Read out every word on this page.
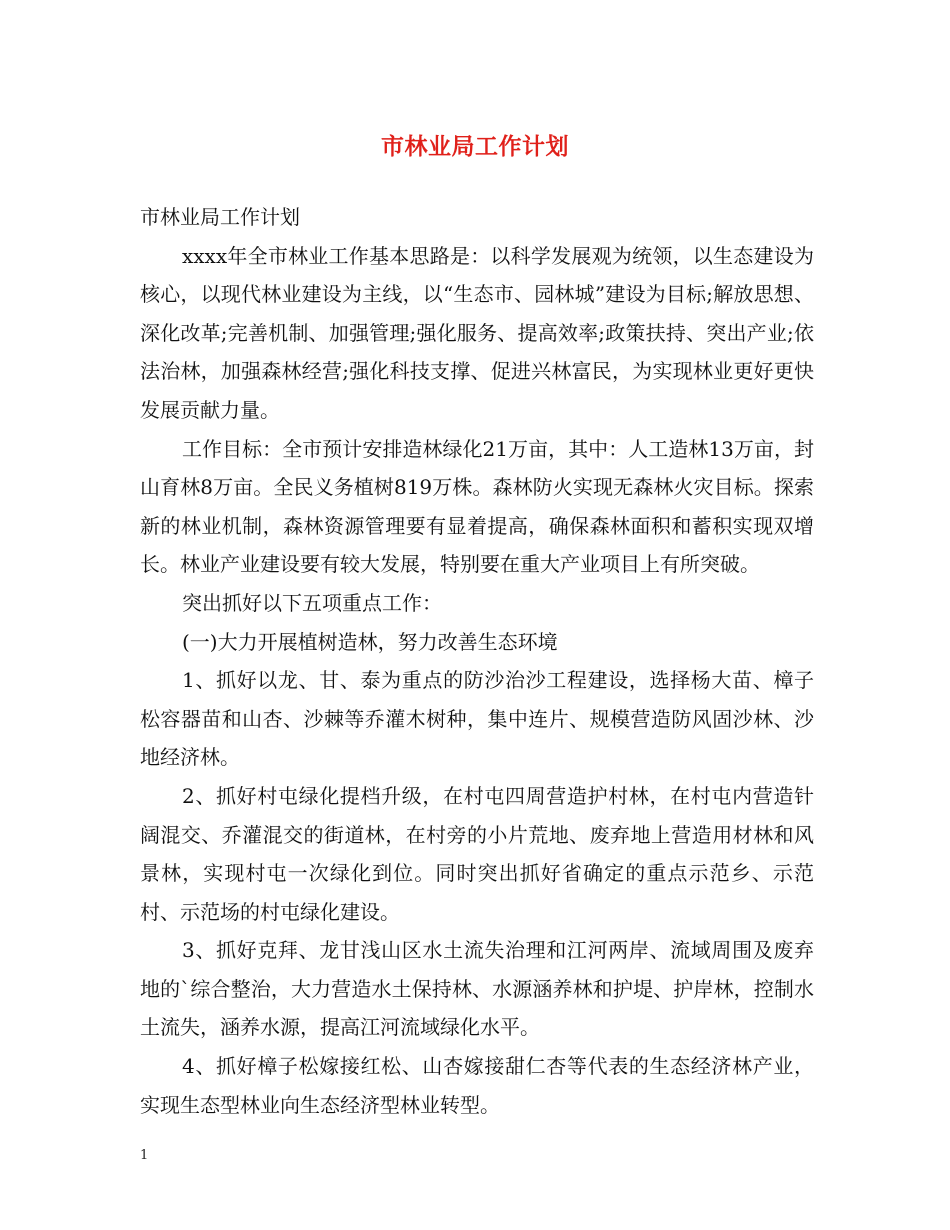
市林业局工作计划

市林业局工作计划

xxxx年全市林业工作基本思路是：以科学发展观为统领，以生态建设为核心，以现代林业建设为主线，以“生态市、园林城”建设为目标;解放思想、深化改革;完善机制、加强管理;强化服务、提高效率;政策扶持、突出产业;依法治林，加强森林经营;强化科技支撑、促进兴林富民，为实现林业更好更快发展贡献力量。

工作目标：全市预计安排造林绿化21万亩，其中：人工造林13万亩，封山育林8万亩。全民义务植树819万株。森林防火实现无森林火灾目标。探索新的林业机制，森林资源管理要有显着提高，确保森林面积和蓄积实现双增长。林业产业建设要有较大发展，特别要在重大产业项目上有所突破。

突出抓好以下五项重点工作：

(一)大力开展植树造林，努力改善生态环境

1、抓好以龙、甘、泰为重点的防沙治沙工程建设，选择杨大苗、樟子松容器苗和山杏、沙棘等乔灌木树种，集中连片、规模营造防风固沙林、沙地经济林。

2、抓好村屯绿化提档升级，在村屯四周营造护村林，在村屯内营造针阔混交、乔灌混交的街道林，在村旁的小片荒地、废弃地上营造用材林和风景林，实现村屯一次绿化到位。同时突出抓好省确定的重点示范乡、示范村、示范场的村屯绿化建设。

3、抓好克拜、龙甘浅山区水土流失治理和江河两岸、流域周围及废弃地的`综合整治，大力营造水土保持林、水源涵养林和护堤、护岸林，控制水土流失，涵养水源，提高江河流域绿化水平。

4、抓好樟子松嫁接红松、山杏嫁接甜仁杏等代表的生态经济林产业，实现生态型林业向生态经济型林业转型。

1
